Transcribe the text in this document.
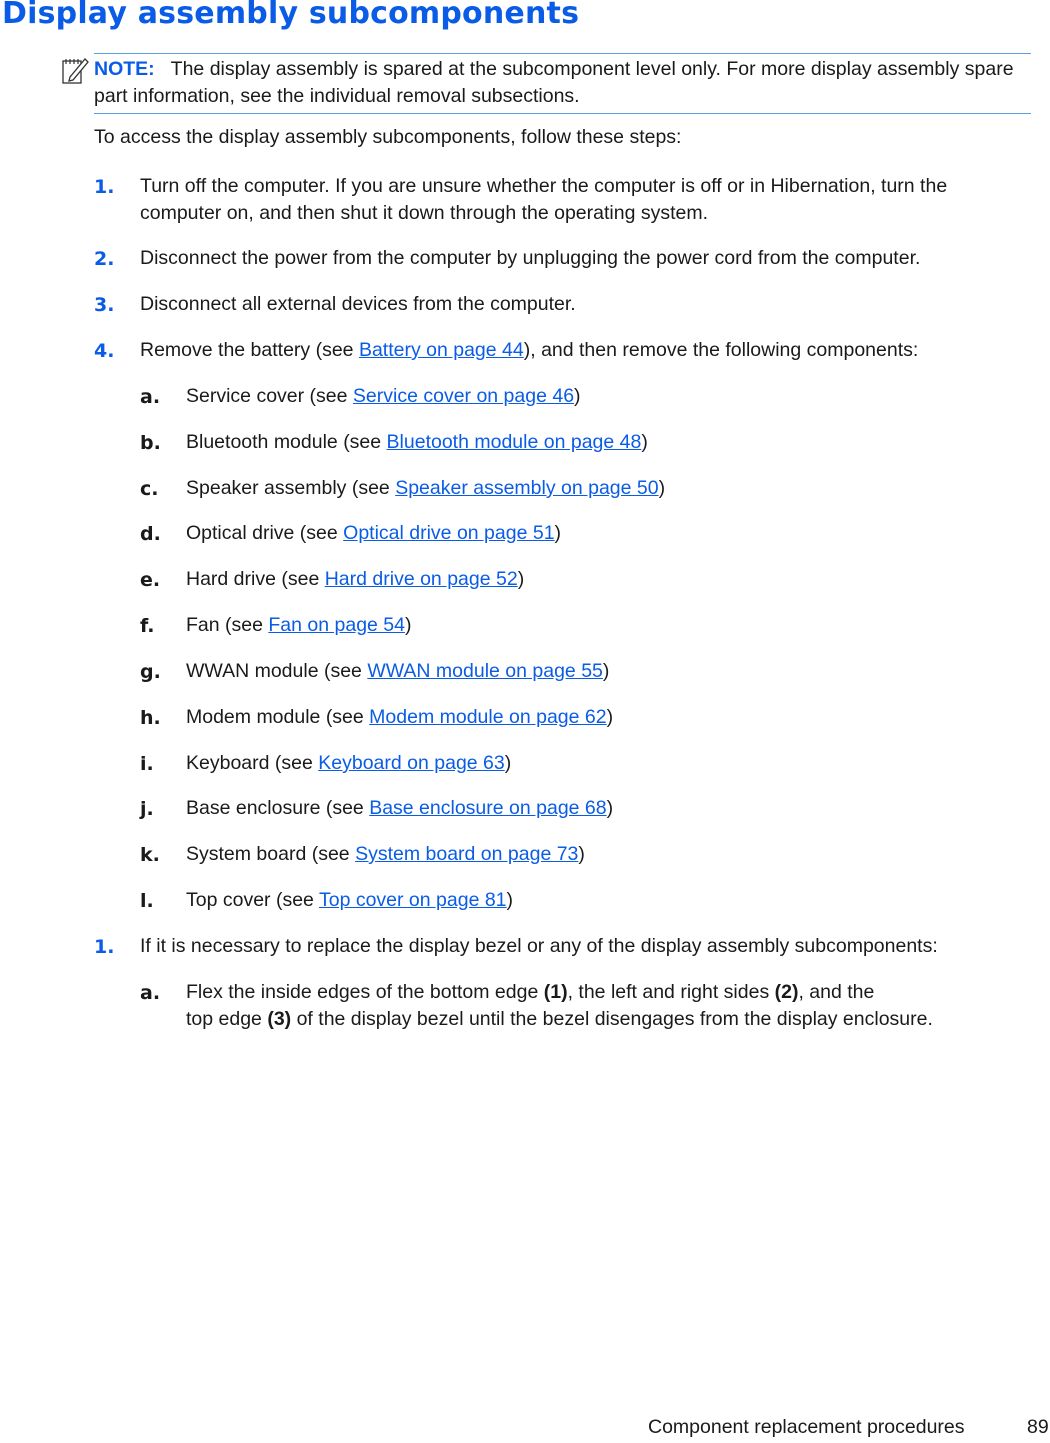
Display assembly subcomponents
NOTE: The display assembly is spared at the subcomponent level only. For more display assembly spare part information, see the individual removal subsections.
To access the display assembly subcomponents, follow these steps:
1. Turn off the computer. If you are unsure whether the computer is off or in Hibernation, turn the
computer on, and then shut it down through the operating system.
2. Disconnect the power from the computer by unplugging the power cord from the computer.
3. Disconnect all external devices from the computer.
4. Remove the battery (see Battery on page 44), and then remove the following components:
a. Service cover (see Service cover on page 46)
b. Bluetooth module (see Bluetooth module on page 48)
c. Speaker assembly (see Speaker assembly on page 50)
d. Optical drive (see Optical drive on page 51)
e. Hard drive (see Hard drive on page 52)
f. Fan (see Fan on page 54)
g. WWAN module (see WWAN module on page 55)
h. Modem module (see Modem module on page 62)
i. Keyboard (see Keyboard on page 63)
j. Base enclosure (see Base enclosure on page 68)
k. System board (see System board on page 73)
l. Top cover (see Top cover on page 81)
1. If it is necessary to replace the display bezel or any of the display assembly subcomponents:
a. Flex the inside edges of the bottom edge (1), the left and right sides (2), and the
top edge (3) of the display bezel until the bezel disengages from the display enclosure.
Component replacement procedures	89
